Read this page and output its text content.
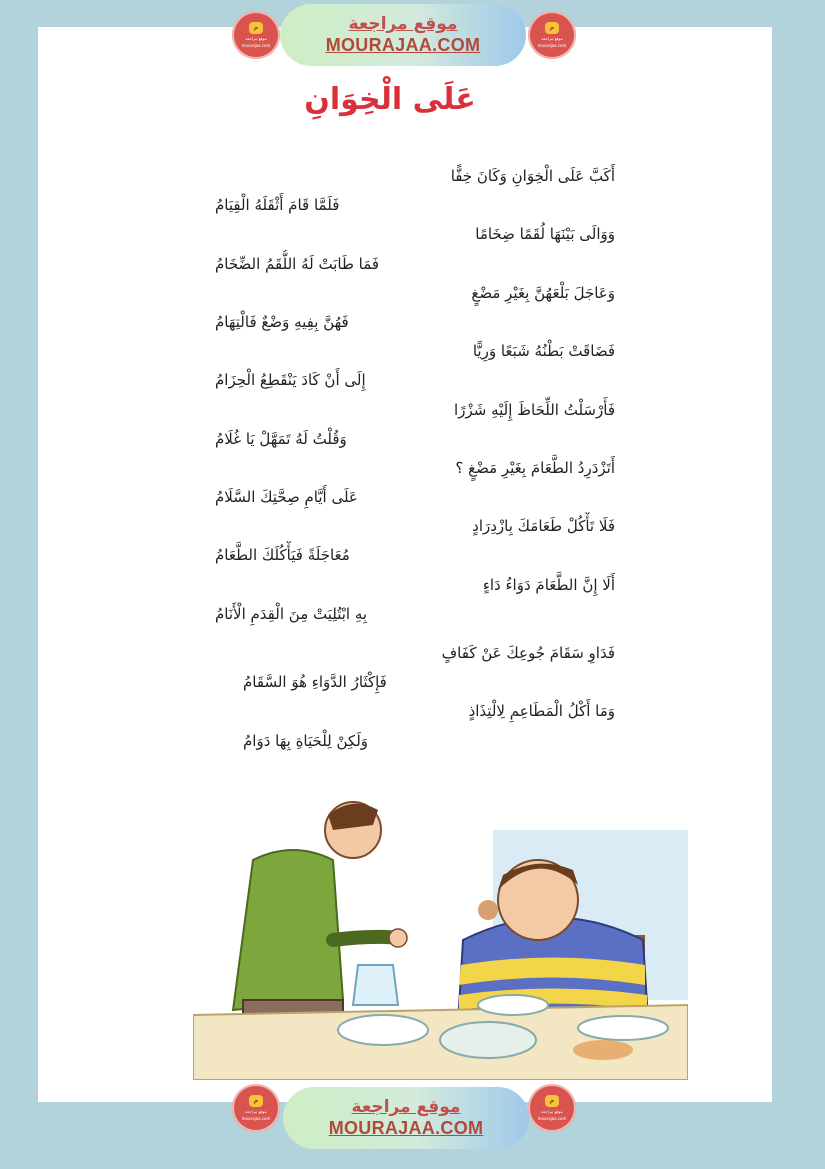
م
موقع مراجعة
mourajaa.com
موقع مراجعة
MOURAJAA.COM
م
موقع مراجعة
mourajaa.com
عَلَى الْخِوَانِ
أَكَبَّ عَلَى الْخِوَانِ وَكَانَ خِفًّا
فَلَمَّا قَامَ أَثْقَلَهُ الْقِيَامُ
وَوَالَى بَيْنَهَا لُقَمًا ضِخَامًا
فَمَا طَابَتْ لَهُ اللُّقَمُ الضِّخَامُ
وَعَاجَلَ بَلْعَهُنَّ بِغَيْرِ مَضْغٍ
فَهُنَّ بِفِيهِ وَضْعٌ فَالْتِهَامُ
فَضَاقَتْ بَطْنُهُ شَبَعًا وَرِيًّا
إِلَى أَنْ كَادَ يَنْقَطِعُ الْحِزَامُ
فَأَرْسَلْتُ اللِّحَاظَ إِلَيْهِ شَزْرًا
وَقُلْتُ لَهُ تَمَهَّلْ يَا غُلَامُ
أَتَزْدَرِدُ الطَّعَامَ بِغَيْرِ مَضْغٍ ؟
عَلَى أَيَّامِ صِحَّتِكَ السَّلَامُ
فَلَا تَأْكُلْ طَعَامَكَ بِازْدِرَادٍ
مُعَاجَلَةً فَيَأْكُلَكَ الطَّعَامُ
أَلَا إِنَّ الطَّعَامَ دَوَاءُ دَاءٍ
بِهِ ابْتُلِيَتْ مِنَ الْقِدَمِ الْأَنَامُ
فَدَاوِ سَقَامَ جُوعِكَ عَنْ كَفَافٍ
فَإِكْثَارُ الدَّوَاءِ هُوَ السَّقَامُ
وَمَا أَكْلُ الْمَطَاعِمِ لِالْتِذَاذٍ
وَلَكِنْ لِلْحَيَاةِ بِهَا دَوَامُ
م
موقع مراجعة
mourajaa.com
موقع مراجعة
MOURAJAA.COM
م
موقع مراجعة
mourajaa.com
